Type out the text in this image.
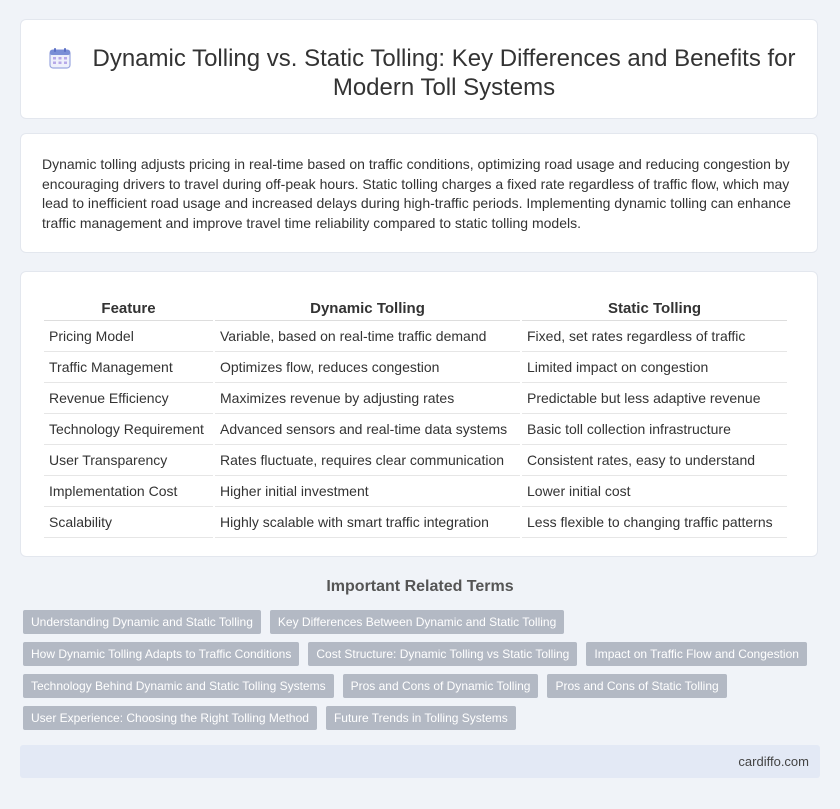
Dynamic Tolling vs. Static Tolling: Key Differences and Benefits for Modern Toll Systems

Dynamic tolling adjusts pricing in real-time based on traffic conditions, optimizing road usage and reducing congestion by encouraging drivers to travel during off-peak hours. Static tolling charges a fixed rate regardless of traffic flow, which may lead to inefficient road usage and increased delays during high-traffic periods. Implementing dynamic tolling can enhance traffic management and improve travel time reliability compared to static tolling models.

Feature	Dynamic Tolling	Static Tolling
Pricing Model	Variable, based on real-time traffic demand	Fixed, set rates regardless of traffic
Traffic Management	Optimizes flow, reduces congestion	Limited impact on congestion
Revenue Efficiency	Maximizes revenue by adjusting rates	Predictable but less adaptive revenue
Technology Requirement	Advanced sensors and real-time data systems	Basic toll collection infrastructure
User Transparency	Rates fluctuate, requires clear communication	Consistent rates, easy to understand
Implementation Cost	Higher initial investment	Lower initial cost
Scalability	Highly scalable with smart traffic integration	Less flexible to changing traffic patterns
Important Related Terms
Understanding Dynamic and Static Tolling	Key Differences Between Dynamic and Static Tolling
How Dynamic Tolling Adapts to Traffic Conditions	Cost Structure: Dynamic Tolling vs Static Tolling	Impact on Traffic Flow and Congestion
Technology Behind Dynamic and Static Tolling Systems	Pros and Cons of Dynamic Tolling	Pros and Cons of Static Tolling
User Experience: Choosing the Right Tolling Method	Future Trends in Tolling Systems
cardiffo.com
